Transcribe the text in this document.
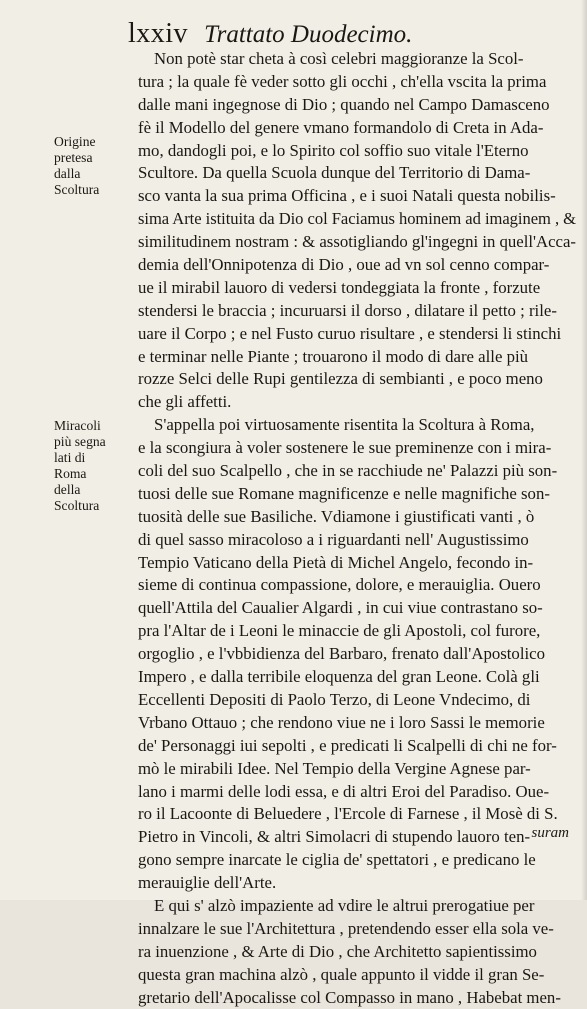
lxxiv Trattato Duodecimo.
Origine
pretesa
dalla
Scoltura
Miracoli
più segna
lati di
Roma
della
Scoltura
Non potè star cheta à così celebri maggioranze la Scol-
tura ; la quale fè veder sotto gli occhi , ch'ella vscita la prima
dalle mani ingegnose di Dio ; quando nel Campo Damasceno
fè il Modello del genere vmano formandolo di Creta in Ada-
mo, dandogli poi, e lo Spirito col soffio suo vitale l'Eterno
Scultore. Da quella Scuola dunque del Territorio di Dama-
sco vanta la sua prima Officina , e i suoi Natali questa nobilis-
sima Arte istituita da Dio col Faciamus hominem ad imaginem , &
similitudinem nostram : & assotigliando gl'ingegni in quell'Acca-
demia dell'Onnipotenza di Dio , oue ad vn sol cenno compar-
ue il mirabil lauoro di vedersi tondeggiata la fronte , forzute
stendersi le braccia ; incuruarsi il dorso , dilatare il petto ; rile-
uare il Corpo ; e nel Fusto curuo risultare , e stendersi li stinchi
e terminar nelle Piante ; trouarono il modo di dare alle più
rozze Selci delle Rupi gentilezza di sembianti , e poco meno
che gli affetti.
S'appella poi virtuosamente risentita la Scoltura à Roma,
e la scongiura à voler sostenere le sue preminenze con i mira-
coli del suo Scalpello , che in se racchiude ne' Palazzi più son-
tuosi delle sue Romane magnificenze e nelle magnifiche son-
tuosità delle sue Basiliche. Vdiamone i giustificati vanti , ò
di quel sasso miracoloso a i riguardanti nell' Augustissimo
Tempio Vaticano della Pietà di Michel Angelo, fecondo in-
sieme di continua compassione, dolore, e merauiglia. Ouero
quell'Attila del Caualier Algardi , in cui viue contrastano so-
pra l'Altar de i Leoni le minaccie de gli Apostoli, col furore,
orgoglio , e l'vbbidienza del Barbaro, frenato dall'Apostolico
Impero , e dalla terribile eloquenza del gran Leone. Colà gli
Eccellenti Depositi di Paolo Terzo, di Leone Vndecimo, di
Vrbano Ottauo ; che rendono viue ne i loro Sassi le memorie
de' Personaggi iui sepolti , e predicati li Scalpelli di chi ne for-
mò le mirabili Idee. Nel Tempio della Vergine Agnese par-
lano i marmi delle lodi essa, e di altri Eroi del Paradiso. Oue-
ro il Lacoonte di Beluedere , l'Ercole di Farnese , il Mosè di S.
Pietro in Vincoli, & altri Simolacri di stupendo lauoro ten-
gono sempre inarcate le ciglia de' spettatori , e predicano le
merauiglie dell'Arte.
E qui s' alzò impaziente ad vdire le altrui prerogatiue per
innalzare le sue l'Architettura , pretendendo esser ella sola ve-
ra inuenzione , & Arte di Dio , che Architetto sapientissimo
questa gran machina alzò , quale appunto il vidde il gran Se-
gretario dell'Apocalisse col Compasso in mano , Habebat men-
suram
